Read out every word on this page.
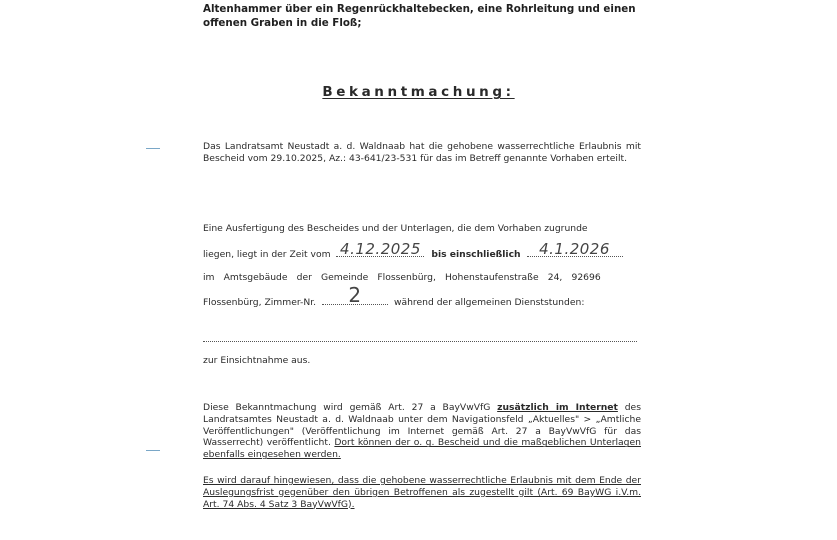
Altenhammer über ein Regenrückhaltebecken, eine Rohrleitung und einen
offenen Graben in die Floß;
Bekanntmachung:
Das Landratsamt Neustadt a. d. Waldnaab hat die gehobene wasserrechtliche Erlaubnis mit Bescheid vom 29.10.2025, Az.: 43-641/23-531 für das im Betreff genannte Vorhaben erteilt.
Eine Ausfertigung des Bescheides und der Unterlagen, die dem Vorhaben zugrunde
liegen, liegt in der Zeit vom 4.12.2025	bis einschließlich	4.1.2026
im Amtsgebäude der Gemeinde Flossenbürg, Hohenstaufenstraße 24, 92696
Flossenbürg, Zimmer-Nr.	2	während der allgemeinen Dienststunden:
zur Einsichtnahme aus.
Diese Bekanntmachung wird gemäß Art. 27 a BayVwVfG zusätzlich im Internet des Landratsamtes Neustadt a. d. Waldnaab unter dem Navigationsfeld „Aktuelles" > „Amtliche Veröffentlichungen" (Veröffentlichung im Internet gemäß Art. 27 a BayVwVfG für das Wasserrecht) veröffentlicht. Dort können der o. g. Bescheid und die maßgeblichen Unterlagen ebenfalls eingesehen werden.
Es wird darauf hingewiesen, dass die gehobene wasserrechtliche Erlaubnis mit dem Ende der Auslegungsfrist gegenüber den übrigen Betroffenen als zugestellt gilt (Art. 69 BayWG i.V.m. Art. 74 Abs. 4 Satz 3 BayVwVfG).
